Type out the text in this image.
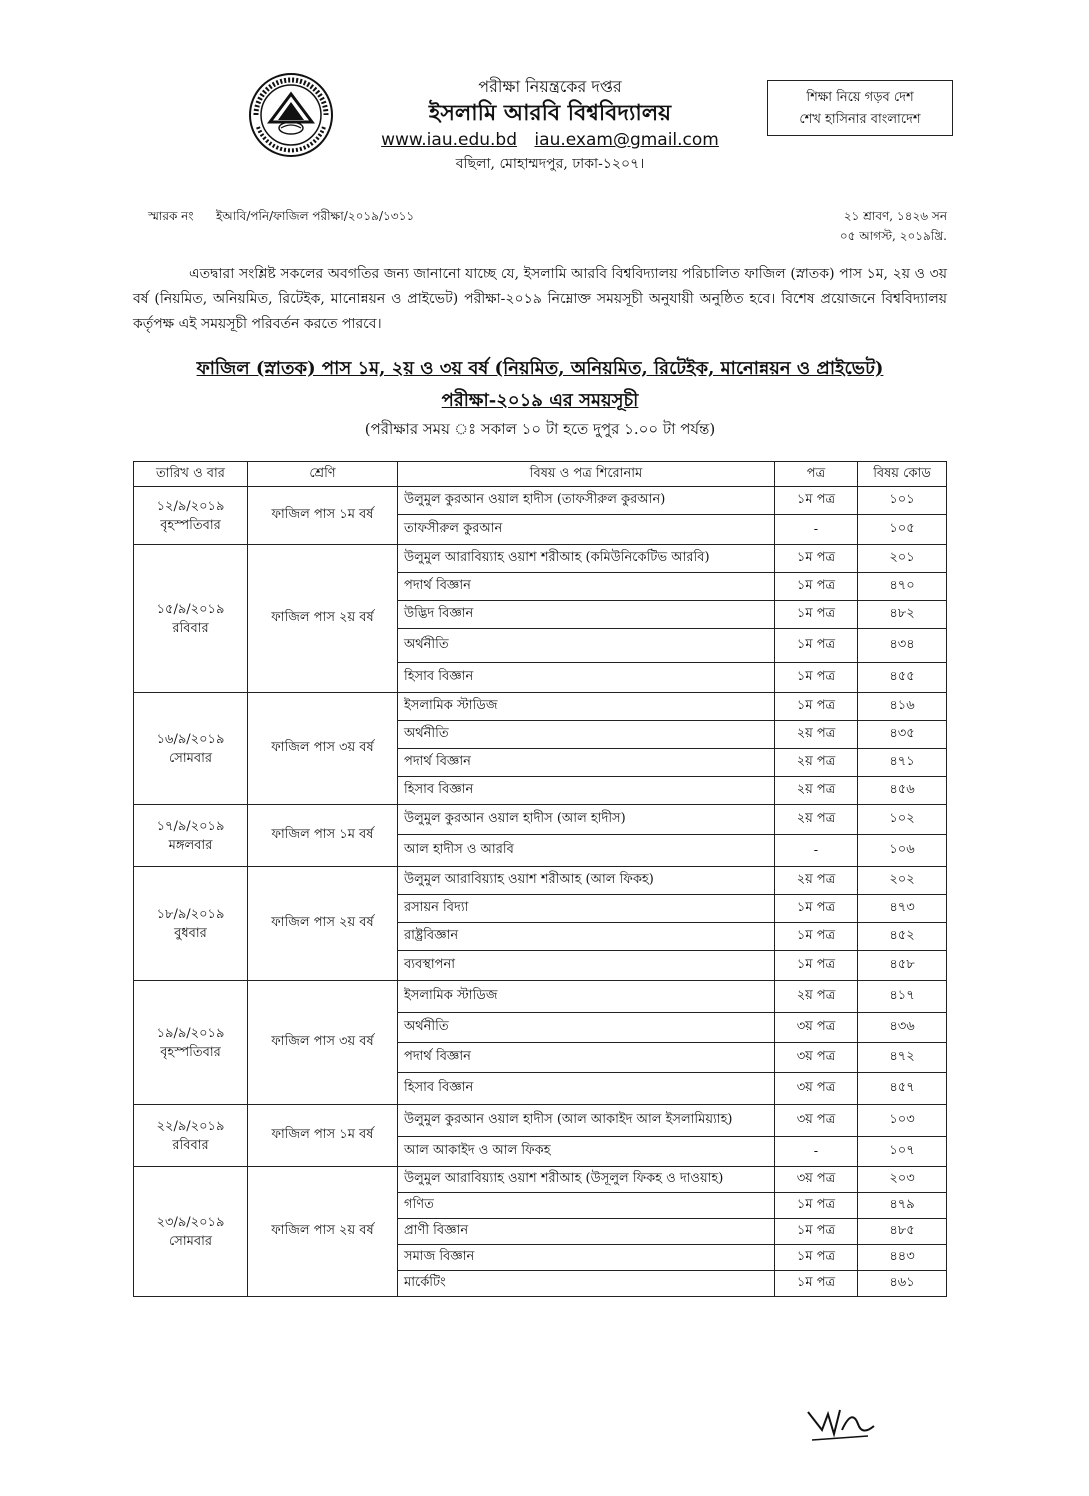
পরীক্ষা নিয়ন্ত্রকের দপ্তর
ইসলামি আরবি বিশ্ববিদ্যালয়
www.iau.edu.bd iau.exam@gmail.com
বছিলা, মোহাম্মদপুর, ঢাকা-১২০৭।
শিক্ষা নিয়ে গড়ব দেশ
শেখ হাসিনার বাংলাদেশ
স্মারক নং ইআবি/পনি/ফাজিল পরীক্ষা/২০১৯/১৩১১	২১ শ্রাবণ, ১৪২৬ সন
০৫ আগস্ট, ২০১৯খ্রি.
এতদ্বারা সংশ্লিষ্ট সকলের অবগতির জন্য জানানো যাচ্ছে যে, ইসলামি আরবি বিশ্ববিদ্যালয় পরিচালিত ফাজিল (স্নাতক) পাস ১ম, ২য় ও ৩য় বর্ষ (নিয়মিত, অনিয়মিত, রিটেইক, মানোন্নয়ন ও প্রাইভেট) পরীক্ষা-২০১৯ নিম্নোক্ত সময়সূচী অনুযায়ী অনুষ্ঠিত হবে। বিশেষ প্রয়োজনে বিশ্ববিদ্যালয় কর্তৃপক্ষ এই সময়সূচী পরিবর্তন করতে পারবে।
ফাজিল (স্নাতক) পাস ১ম, ২য় ও ৩য় বর্ষ (নিয়মিত, অনিয়মিত, রিটেইক, মানোন্নয়ন ও প্রাইভেট)
পরীক্ষা-২০১৯ এর সময়সূচী
(পরীক্ষার সময় ঃ সকাল ১০ টা হতে দুপুর ১.০০ টা পর্যন্ত)
তারিখ ও বার	শ্রেণি	বিষয় ও পত্র শিরোনাম	পত্র	বিষয় কোড

১২/৯/২০১৯
বৃহস্পতিবার	ফাজিল পাস ১ম বর্ষ	উলুমুল কুরআন ওয়াল হাদীস (তাফসীরুল কুরআন)	১ম পত্র	১০১
		তাফসীরুল কুরআন	-	১০৫

১৫/৯/২০১৯
রবিবার	ফাজিল পাস ২য় বর্ষ	উলুমুল আরাবিয়্যাহ ওয়াশ শরীআহ (কমিউনিকেটিভ আরবি)	১ম পত্র	২০১
		পদার্থ বিজ্ঞান	১ম পত্র	৪৭০
		উদ্ভিদ বিজ্ঞান	১ম পত্র	৪৮২
		অর্থনীতি	১ম পত্র	৪৩৪
		হিসাব বিজ্ঞান	১ম পত্র	৪৫৫

১৬/৯/২০১৯
সোমবার	ফাজিল পাস ৩য় বর্ষ	ইসলামিক স্টাডিজ	১ম পত্র	৪১৬
		অর্থনীতি	২য় পত্র	৪৩৫
		পদার্থ বিজ্ঞান	২য় পত্র	৪৭১
		হিসাব বিজ্ঞান	২য় পত্র	৪৫৬

১৭/৯/২০১৯
মঙ্গলবার	ফাজিল পাস ১ম বর্ষ	উলুমুল কুরআন ওয়াল হাদীস (আল হাদীস)	২য় পত্র	১০২
		আল হাদীস ও আরবি	-	১০৬

১৮/৯/২০১৯
বুধবার	ফাজিল পাস ২য় বর্ষ	উলুমুল আরাবিয়্যাহ ওয়াশ শরীআহ (আল ফিকহ)	২য় পত্র	২০২
		রসায়ন বিদ্যা	১ম পত্র	৪৭৩
		রাষ্ট্রবিজ্ঞান	১ম পত্র	৪৫২
		ব্যবস্থাপনা	১ম পত্র	৪৫৮

১৯/৯/২০১৯
বৃহস্পতিবার	ফাজিল পাস ৩য় বর্ষ	ইসলামিক স্টাডিজ	২য় পত্র	৪১৭
		অর্থনীতি	৩য় পত্র	৪৩৬
		পদার্থ বিজ্ঞান	৩য় পত্র	৪৭২
		হিসাব বিজ্ঞান	৩য় পত্র	৪৫৭

২২/৯/২০১৯
রবিবার	ফাজিল পাস ১ম বর্ষ	উলুমুল কুরআন ওয়াল হাদীস (আল আকাইদ আল ইসলামিয়্যাহ)	৩য় পত্র	১০৩
		আল আকাইদ ও আল ফিকহ	-	১০৭

২৩/৯/২০১৯
সোমবার	ফাজিল পাস ২য় বর্ষ	উলুমুল আরাবিয়্যাহ ওয়াশ শরীআহ (উসূলুল ফিকহ ও দাওয়াহ)	৩য় পত্র	২০৩
		গণিত	১ম পত্র	৪৭৯
		প্রাণী বিজ্ঞান	১ম পত্র	৪৮৫
		সমাজ বিজ্ঞান	১ম পত্র	৪৪৩
		মার্কেটিং	১ম পত্র	৪৬১
